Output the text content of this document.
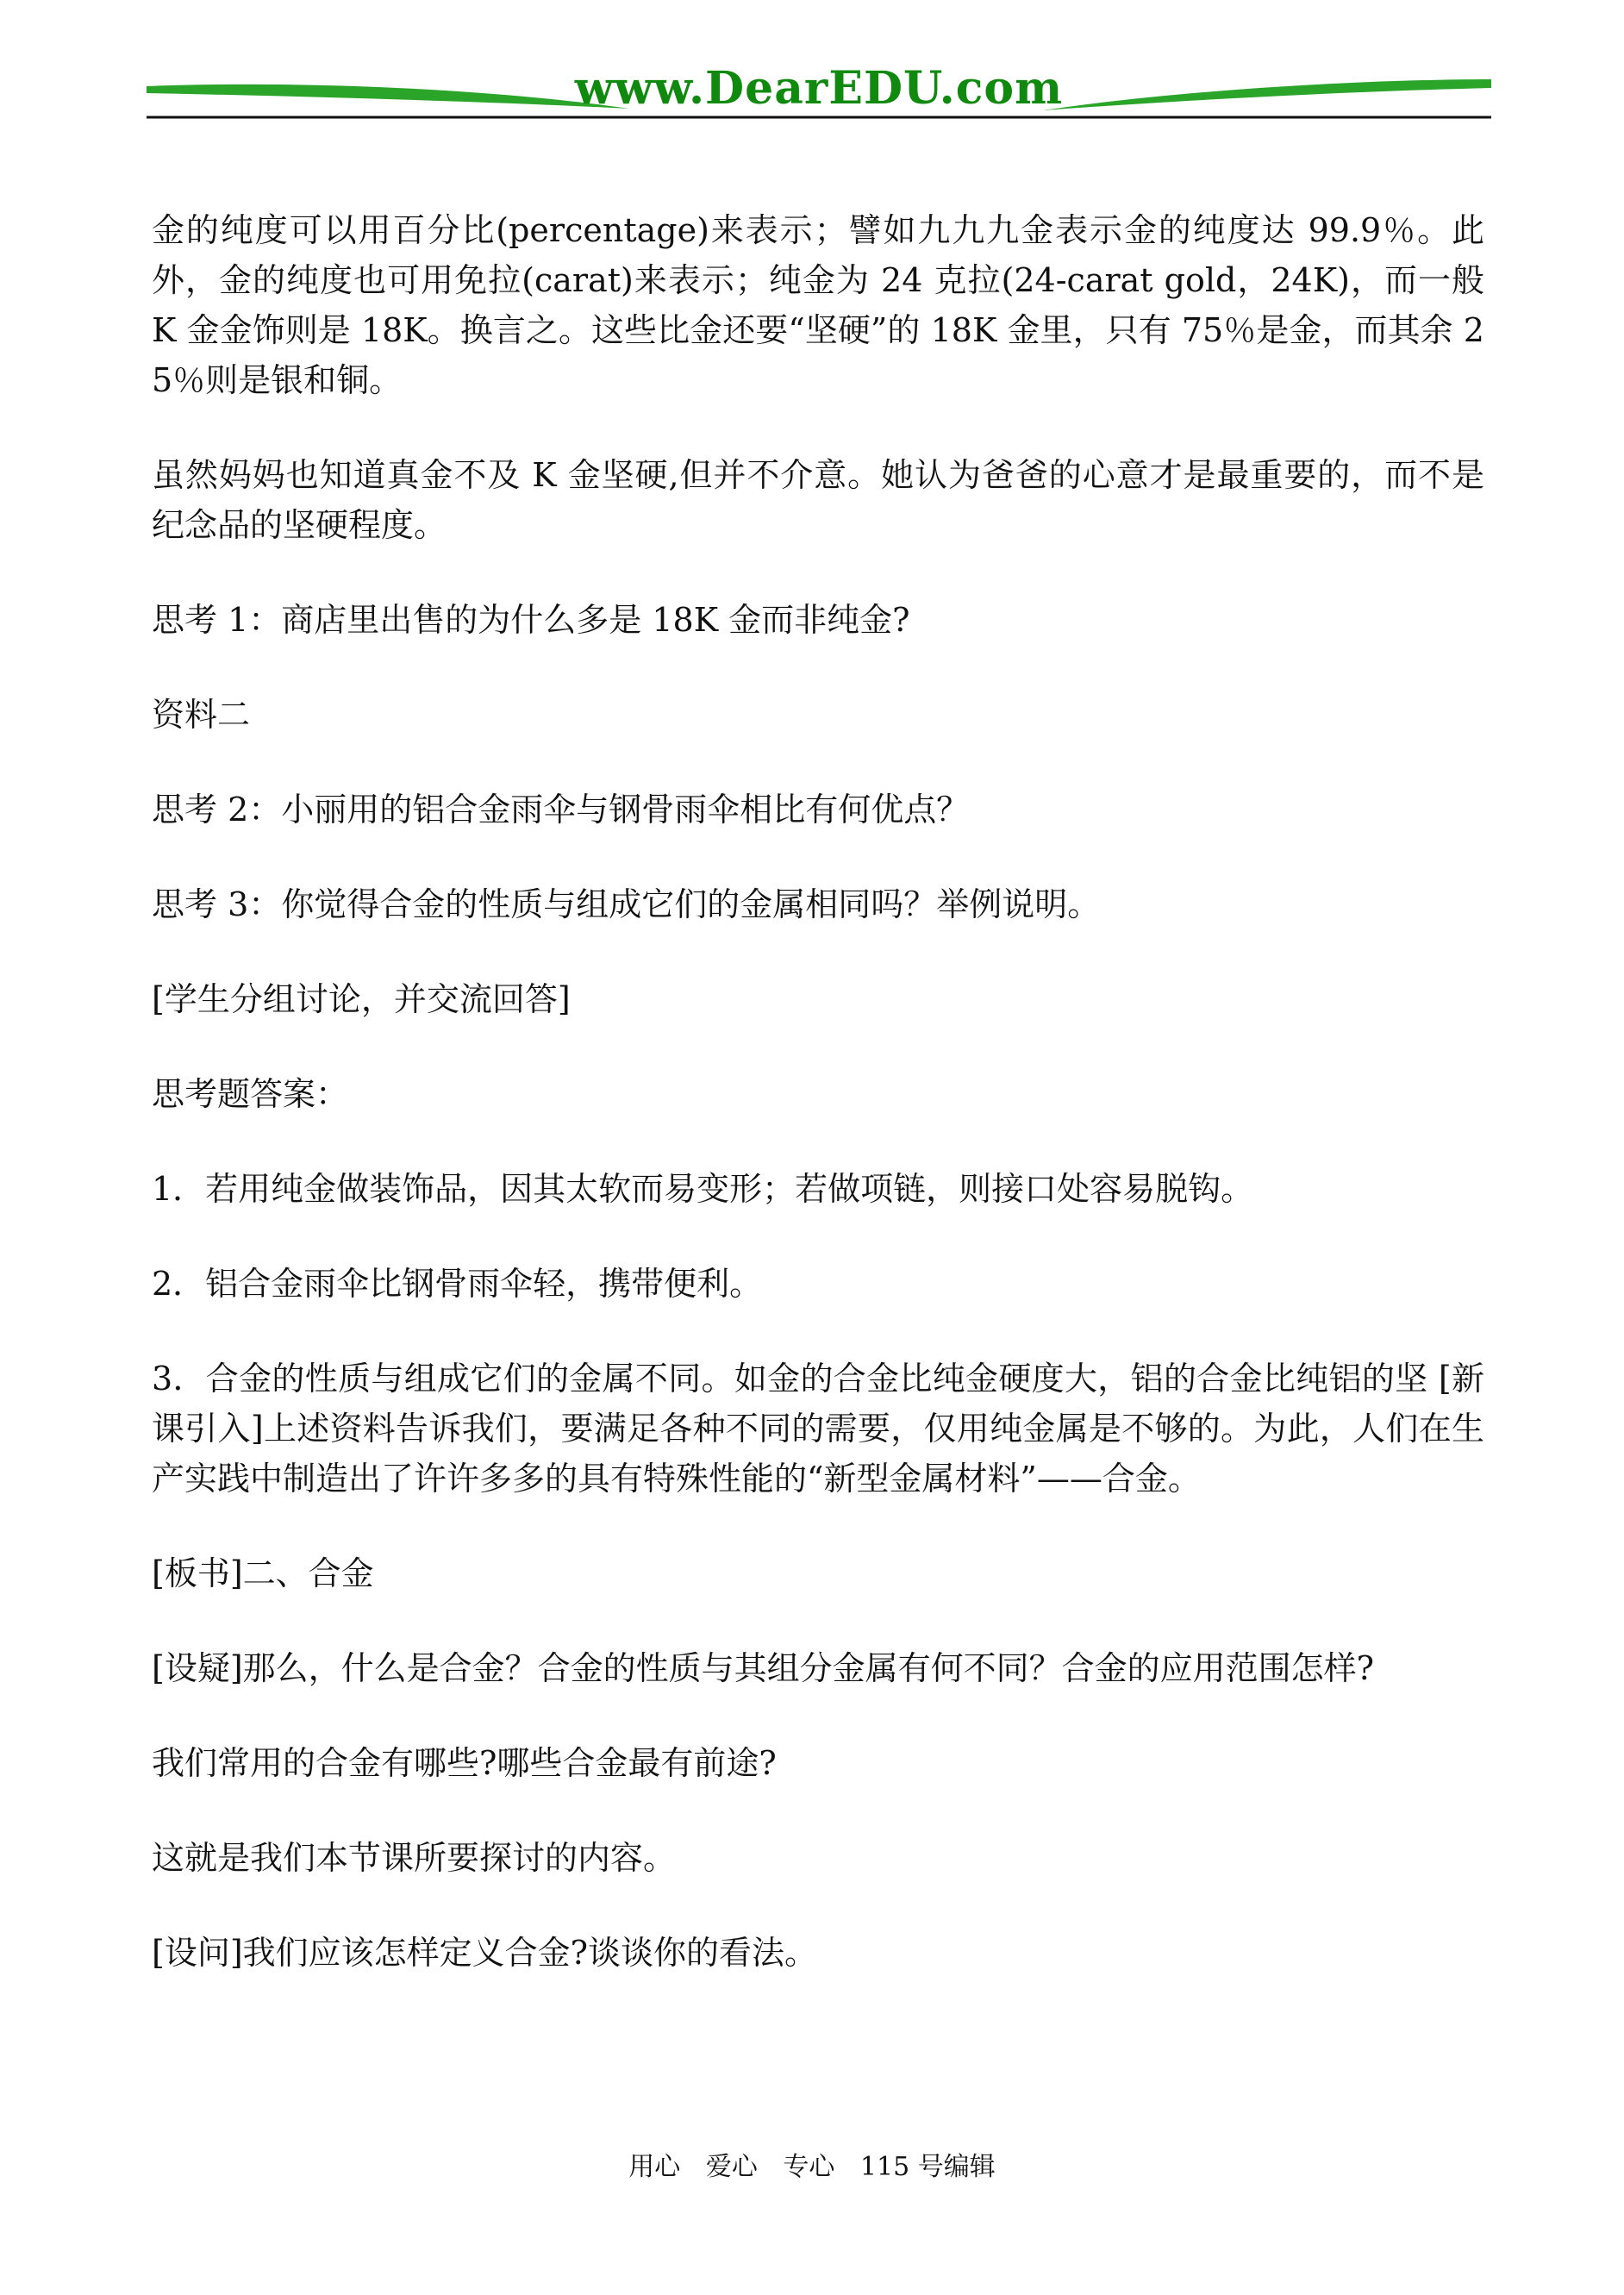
www.DearEDU.com

金的纯度可以用百分比(percentage)来表示；譬如九九九金表示金的纯度达 99.9％。此外，金的纯度也可用免拉(carat)来表示；纯金为 24 克拉(24-carat gold，24K)，而一般 K 金金饰则是 18K。换言之。这些比金还要“坚硬”的 18K 金里，只有 75％是金，而其余 25％则是银和铜。

虽然妈妈也知道真金不及 K 金坚硬,但并不介意。她认为爸爸的心意才是最重要的，而不是纪念品的坚硬程度。

思考 1：商店里出售的为什么多是 18K 金而非纯金?

资料二

思考 2：小丽用的铝合金雨伞与钢骨雨伞相比有何优点？

思考 3：你觉得合金的性质与组成它们的金属相同吗？举例说明。

[学生分组讨论，并交流回答]

思考题答案：

1．若用纯金做装饰品，因其太软而易变形；若做项链，则接口处容易脱钩。

2．铝合金雨伞比钢骨雨伞轻，携带便利。

3．合金的性质与组成它们的金属不同。如金的合金比纯金硬度大，铝的合金比纯铝的坚 [新课引入]上述资料告诉我们，要满足各种不同的需要，仅用纯金属是不够的。为此，人们在生产实践中制造出了许许多多的具有特殊性能的“新型金属材料”——合金。

[板书]二、合金

[设疑]那么，什么是合金？合金的性质与其组分金属有何不同？合金的应用范围怎样?

我们常用的合金有哪些?哪些合金最有前途?

这就是我们本节课所要探讨的内容。

[设问]我们应该怎样定义合金?谈谈你的看法。

用心 爱心 专心 115 号编辑
